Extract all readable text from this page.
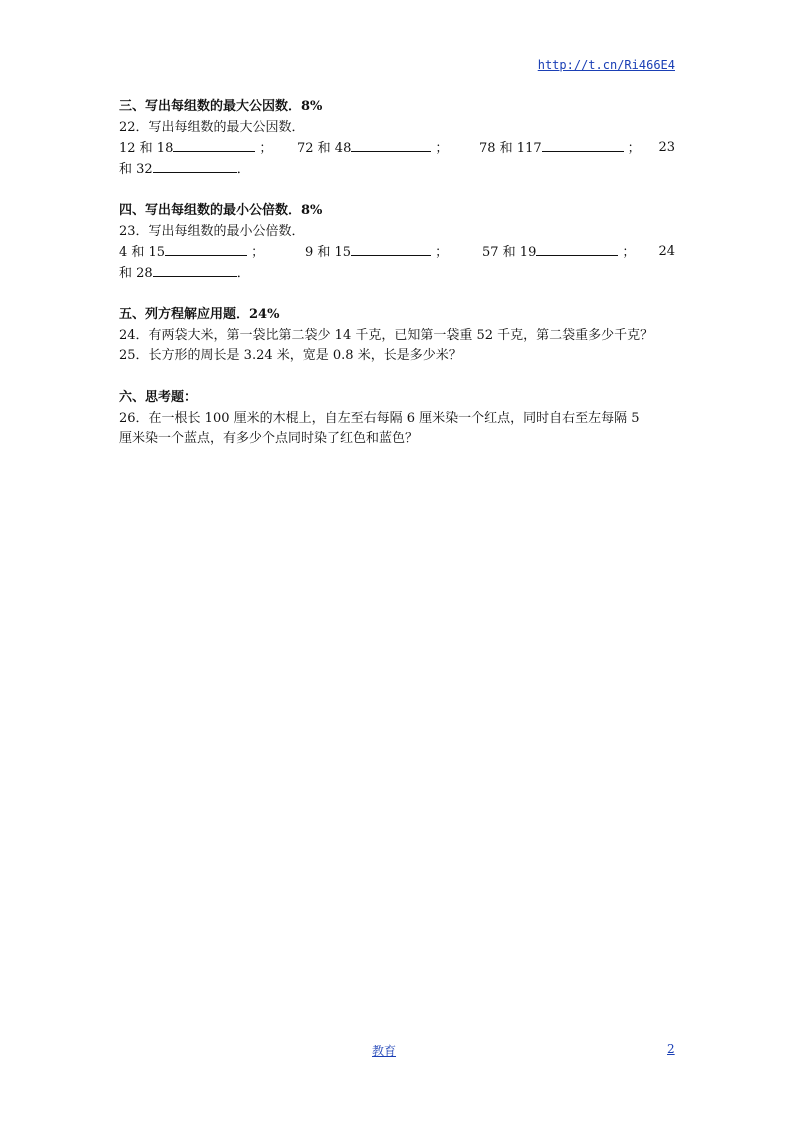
http://t.cn/Ri466E4
三、写出每组数的最大公因数．8%
22．写出每组数的最大公因数．
12 和 18	； 72 和 48	； 78 和 117	； 23
和 32	．
四、写出每组数的最小公倍数．8%
23．写出每组数的最小公倍数．
4 和 15	；	9 和 15	；	57 和 19	； 24
和 28	．
五、列方程解应用题．24%
24．有两袋大米，第一袋比第二袋少 14 千克，已知第一袋重 52 千克，第二袋重多少千克？
25．长方形的周长是 3.24 米，宽是 0.8 米，长是多少米？
六、思考题：
26．在一根长 100 厘米的木棍上，自左至右每隔 6 厘米染一个红点，同时自右至左每隔 5
厘米染一个蓝点，有多少个点同时染了红色和蓝色？
教育	2
